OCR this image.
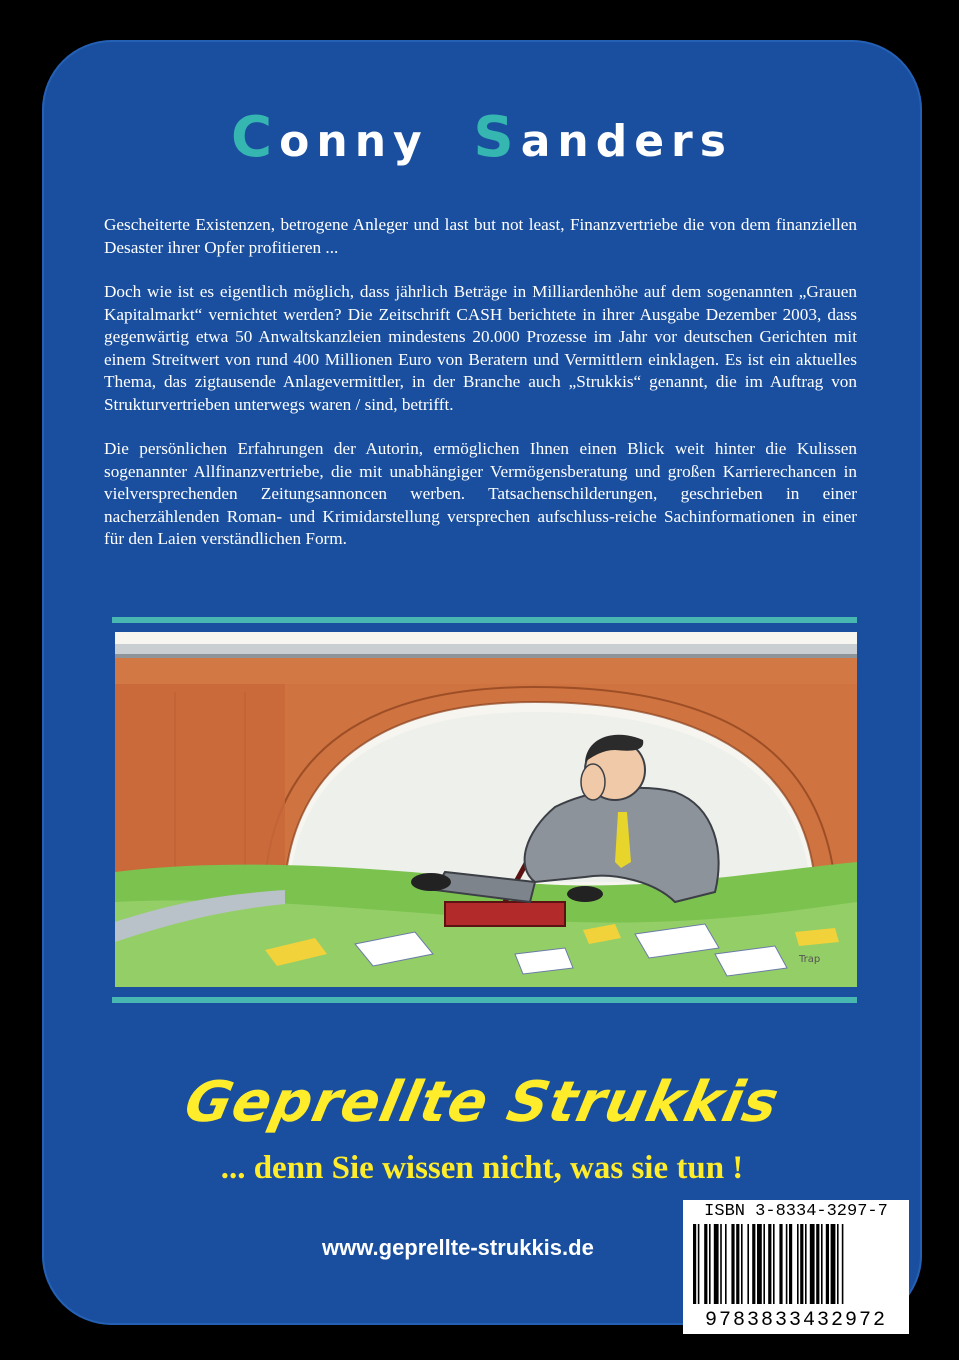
Conny Sanders

Gescheiterte Existenzen, betrogene Anleger und last but not least, Finanzvertriebe die von dem finanziellen Desaster ihrer Opfer profitieren ...

Doch wie ist es eigentlich möglich, dass jährlich Beträge in Milliardenhöhe auf dem sogenannten „Grauen Kapitalmarkt“ vernichtet werden? Die Zeitschrift CASH berichtete in ihrer Ausgabe Dezember 2003, dass gegenwärtig etwa 50 Anwaltskanzleien mindestens 20.000 Prozesse im Jahr vor deutschen Gerichten mit einem Streitwert von rund 400 Millionen Euro von Beratern und Vermittlern einklagen. Es ist ein aktuelles Thema, das zigtausende Anlagevermittler, in der Branche auch „Strukkis“ genannt, die im Auftrag von Strukturvertrieben unterwegs waren / sind, betrifft.

Die persönlichen Erfahrungen der Autorin, ermöglichen Ihnen einen Blick weit hinter die Kulissen sogenannter Allfinanzvertriebe, die mit unabhängiger Vermögensberatung und großen Karrierechancen in vielversprechenden Zeitungsannoncen werben. Tatsachenschilderungen, geschrieben in einer nacherzählenden Roman- und Krimidarstellung versprechen aufschluss-reiche Sachinformationen in einer für den Laien verständlichen Form.

Trap
Geprellte Strukkis
... denn Sie wissen nicht, was sie tun !
www.geprellte-strukkis.de
ISBN 3-8334-3297-7
9783833432972
